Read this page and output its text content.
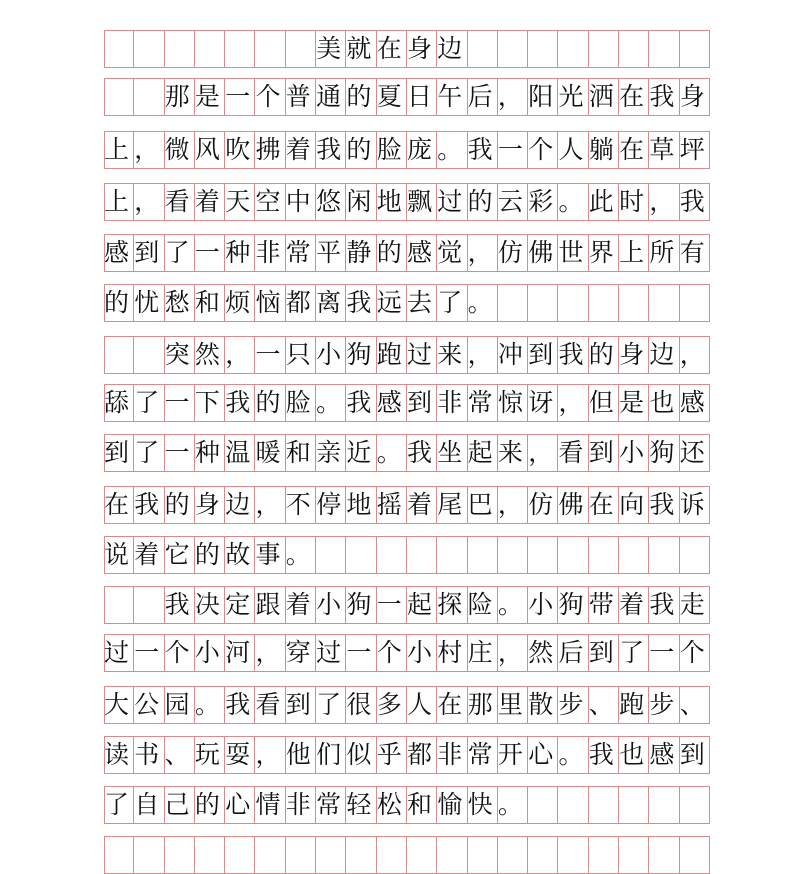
美就在身边
　　那是一个普通的夏日午后，阳光洒在我身
上，微风吹拂着我的脸庞。我一个人躺在草坪
上，看着天空中悠闲地飘过的云彩。此时，我
感到了一种非常平静的感觉，仿佛世界上所有
的忧愁和烦恼都离我远去了。　　　　　　　
　　突然，一只小狗跑过来，冲到我的身边，
舔了一下我的脸。我感到非常惊讶，但是也感
到了一种温暖和亲近。我坐起来，看到小狗还
在我的身边，不停地摇着尾巴，仿佛在向我诉
说着它的故事。　　　　　　　　　　　　　
　　我决定跟着小狗一起探险。小狗带着我走
过一个小河，穿过一个小村庄，然后到了一个
大公园。我看到了很多人在那里散步、跑步、
读书、玩耍，他们似乎都非常开心。我也感到
了自己的心情非常轻松和愉快。　　　　　　
